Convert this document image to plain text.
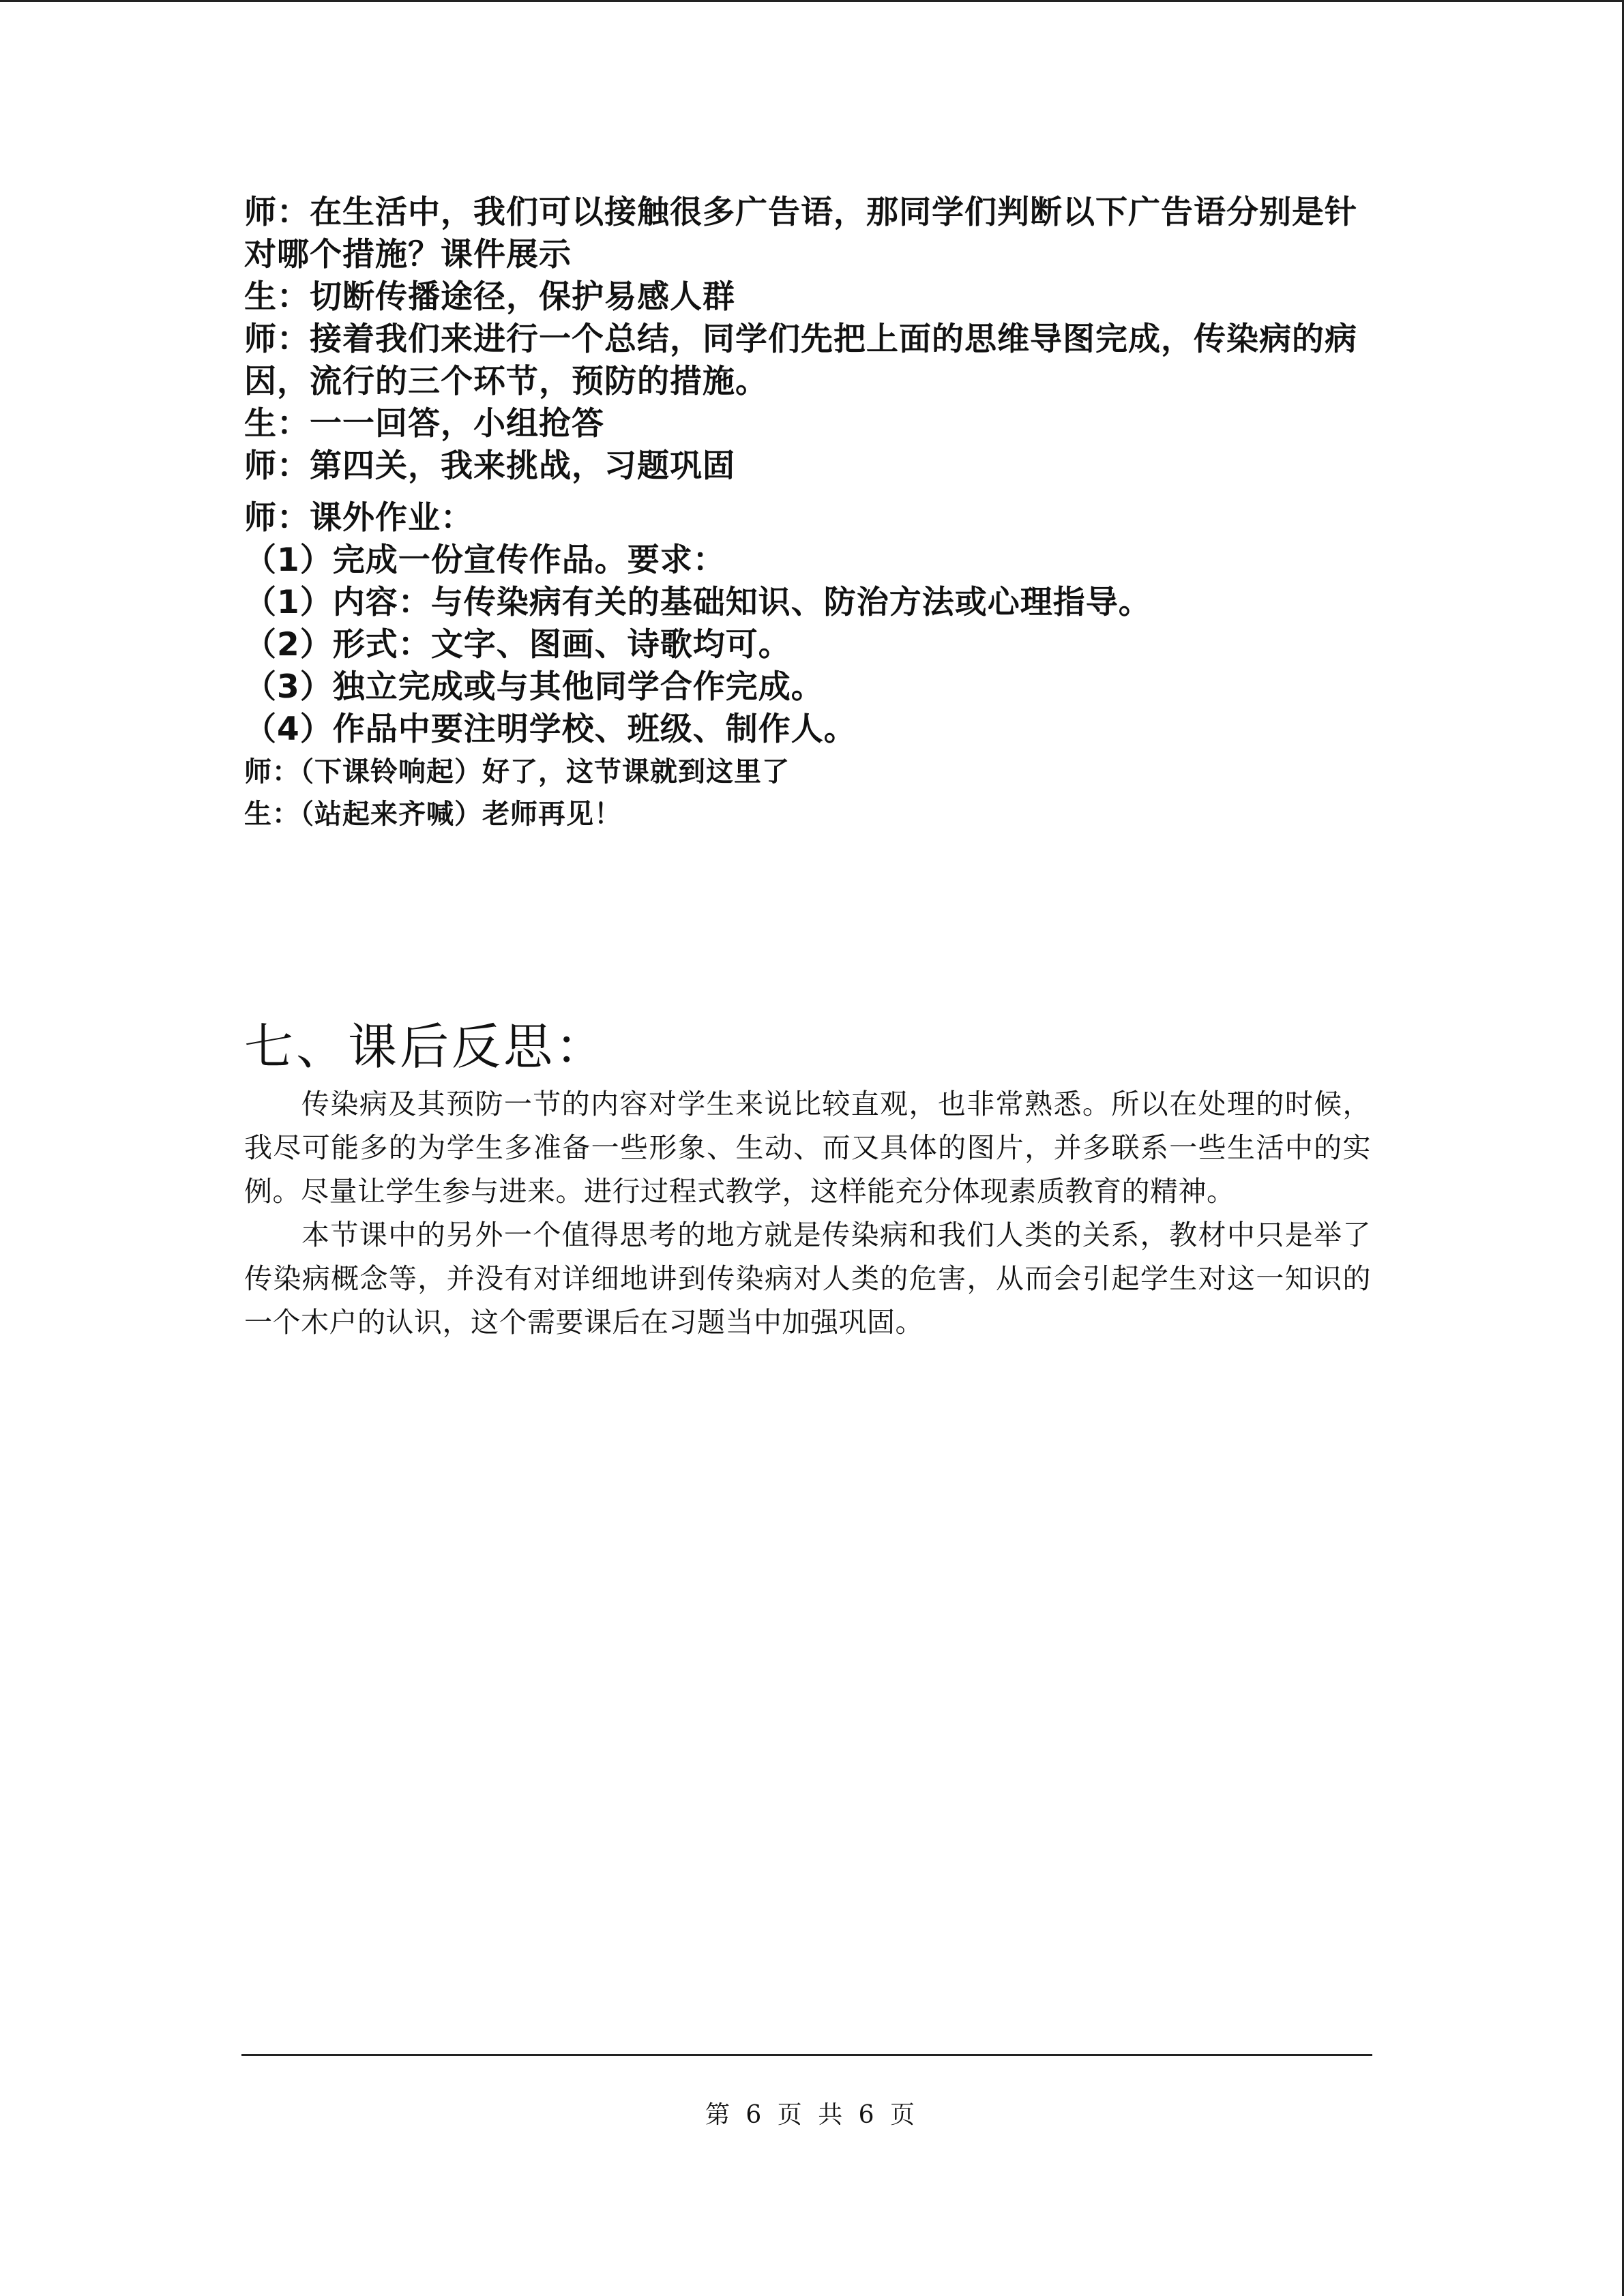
师：在生活中，我们可以接触很多广告语，那同学们判断以下广告语分别是针对哪个措施？课件展示

生：切断传播途径，保护易感人群

师：接着我们来进行一个总结，同学们先把上面的思维导图完成，传染病的病因，流行的三个环节，预防的措施。

生：一一回答，小组抢答

师：第四关，我来挑战，习题巩固

师：课外作业：

（1）完成一份宣传作品。要求：

（1）内容：与传染病有关的基础知识、防治方法或心理指导。

（2）形式：文字、图画、诗歌均可。

（3）独立完成或与其他同学合作完成。

（4）作品中要注明学校、班级、制作人。

师：（下课铃响起）好了，这节课就到这里了

生：（站起来齐喊）老师再见！

七、课后反思：

传染病及其预防一节的内容对学生来说比较直观，也非常熟悉。所以在处理的时候，我尽可能多的为学生多准备一些形象、生动、而又具体的图片，并多联系一些生活中的实例。尽量让学生参与进来。进行过程式教学，这样能充分体现素质教育的精神。

本节课中的另外一个值得思考的地方就是传染病和我们人类的关系，教材中只是举了传染病概念等，并没有对详细地讲到传染病对人类的危害，从而会引起学生对这一知识的一个木户的认识，这个需要课后在习题当中加强巩固。

第 6 页 共 6 页
